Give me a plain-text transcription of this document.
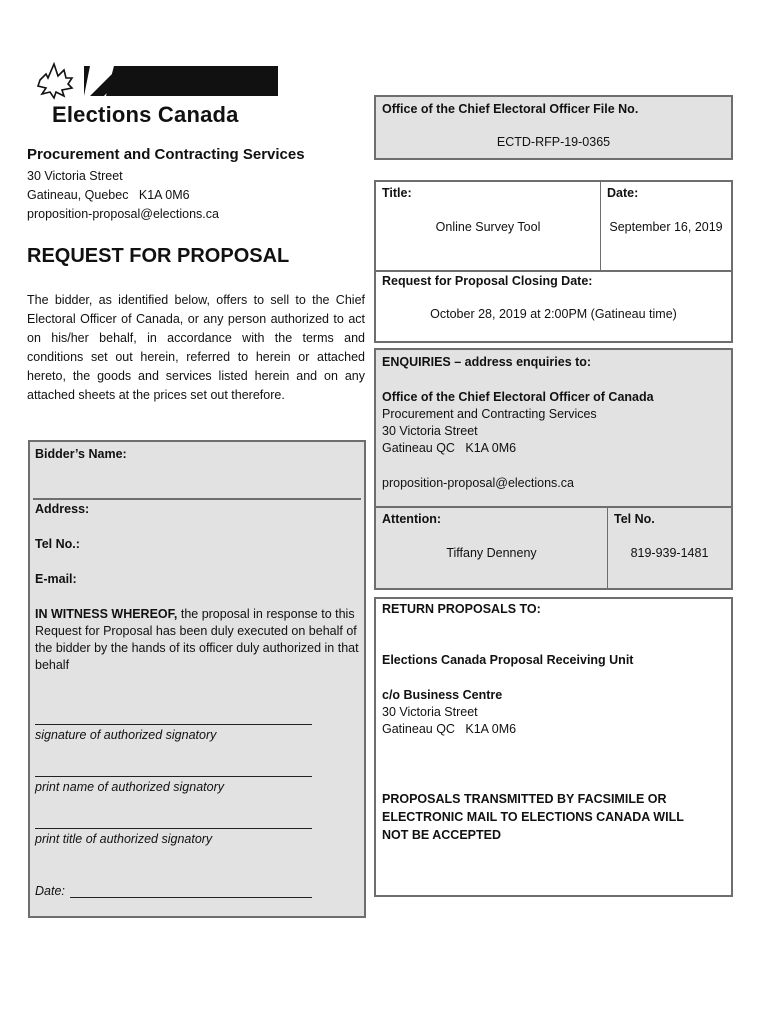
Elections Canada
Procurement and Contracting Services
30 Victoria Street
Gatineau, Quebec   K1A 0M6
proposition-proposal@elections.ca
REQUEST FOR PROPOSAL
The bidder, as identified below, offers to sell to the Chief Electoral Officer of Canada, or any person authorized to act on his/her behalf, in accordance with the terms and conditions set out herein, referred to herein or attached hereto, the goods and services listed herein and on any attached sheets at the prices set out therefore.
Office of the Chief Electoral Officer File No.
ECTD-RFP-19-0365
Title:
Online Survey Tool
Date:
September 16, 2019
Request for Proposal Closing Date:
October 28, 2019 at 2:00PM (Gatineau time)
ENQUIRIES – address enquiries to:
Office of the Chief Electoral Officer of Canada
Procurement and Contracting Services
30 Victoria Street
Gatineau QC   K1A 0M6
proposition-proposal@elections.ca
Attention:
Tiffany Denneny
Tel No.
819-939-1481
RETURN PROPOSALS TO:
Elections Canada Proposal Receiving Unit
c/o Business Centre
30 Victoria Street
Gatineau QC   K1A 0M6
PROPOSALS TRANSMITTED BY FACSIMILE OR ELECTRONIC MAIL TO ELECTIONS CANADA WILL NOT BE ACCEPTED
Bidder’s Name:
Address:
Tel No.:
E-mail:
IN WITNESS WHEREOF, the proposal in response to this Request for Proposal has been duly executed on behalf of the bidder by the hands of its officer duly authorized in that behalf
signature of authorized signatory
print name of authorized signatory
print title of authorized signatory
Date:
